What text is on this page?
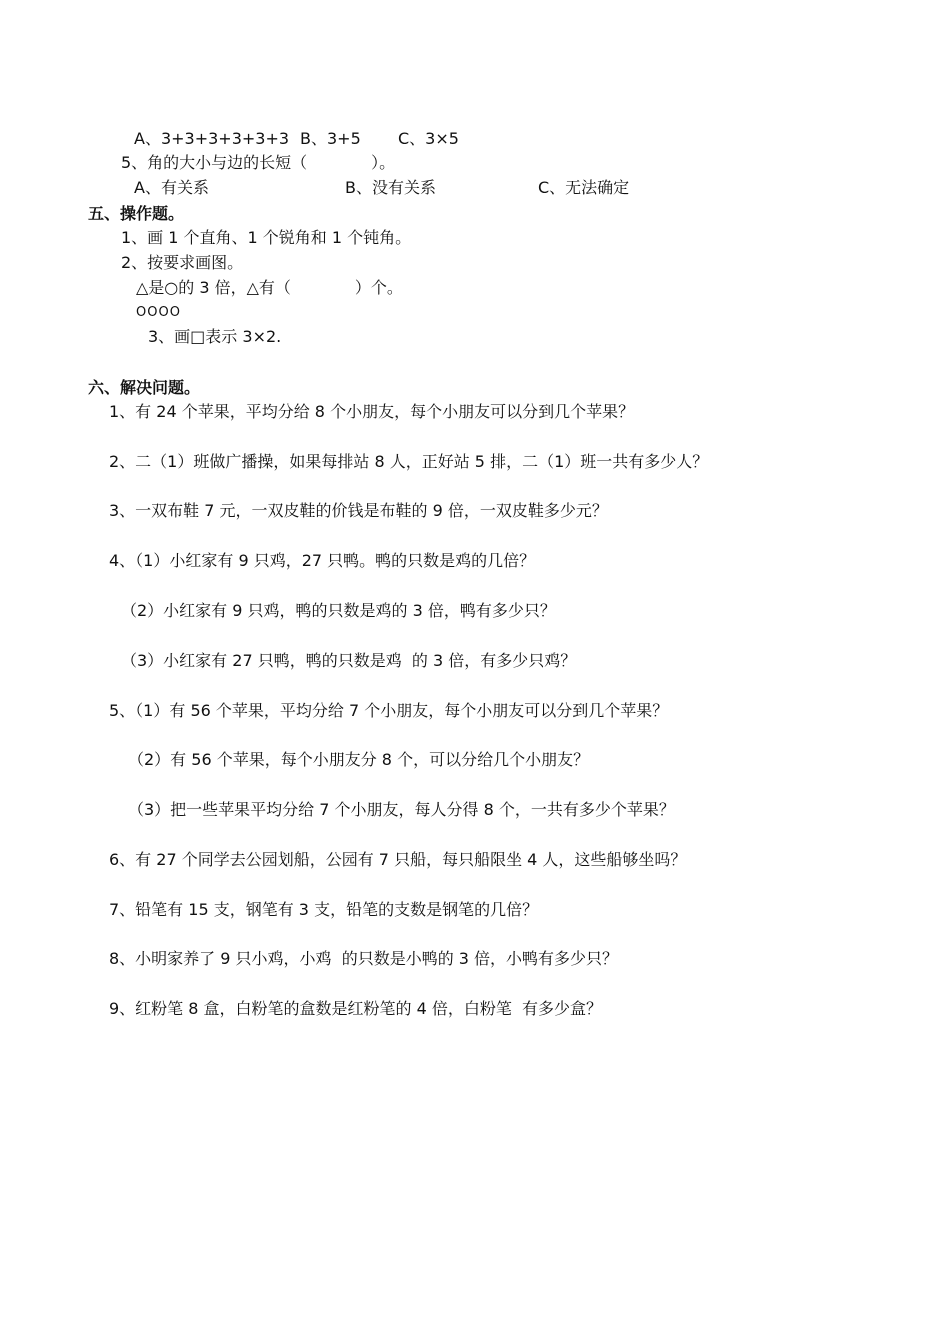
A、3+3+3+3+3+3 B、3+5 C、3×5
5、角的大小与边的长短（　　　　）。
A、有关系	B、没有关系	C、无法确定
五、操作题。
1、画 1 个直角、1 个锐角和 1 个钝角。
2、按要求画图。
△是○的 3 倍，△有（　　　　）个。
OOOO
3、画□表示 3×2.
六、解决问题。
1、有 24 个苹果，平均分给 8 个小朋友，每个小朋友可以分到几个苹果？
2、二（1）班做广播操，如果每排站 8 人，正好站 5 排，二（1）班一共有多少人？
3、一双布鞋 7 元，一双皮鞋的价钱是布鞋的 9 倍，一双皮鞋多少元？
4、（1）小红家有 9 只鸡，27 只鸭。鸭的只数是鸡的几倍？
（2）小红家有 9 只鸡，鸭的只数是鸡的 3 倍，鸭有多少只？
（3）小红家有 27 只鸭，鸭的只数是鸡  的 3 倍，有多少只鸡？
5、（1）有 56 个苹果，平均分给 7 个小朋友，每个小朋友可以分到几个苹果？
（2）有 56 个苹果，每个小朋友分 8 个，可以分给几个小朋友？
（3）把一些苹果平均分给 7 个小朋友，每人分得 8 个，一共有多少个苹果？
6、有 27 个同学去公园划船，公园有 7 只船，每只船限坐 4 人，这些船够坐吗？
7、铅笔有 15 支，钢笔有 3 支，铅笔的支数是钢笔的几倍？
8、小明家养了 9 只小鸡，小鸡  的只数是小鸭的 3 倍，小鸭有多少只？
9、红粉笔 8 盒，白粉笔的盒数是红粉笔的 4 倍，白粉笔  有多少盒？
